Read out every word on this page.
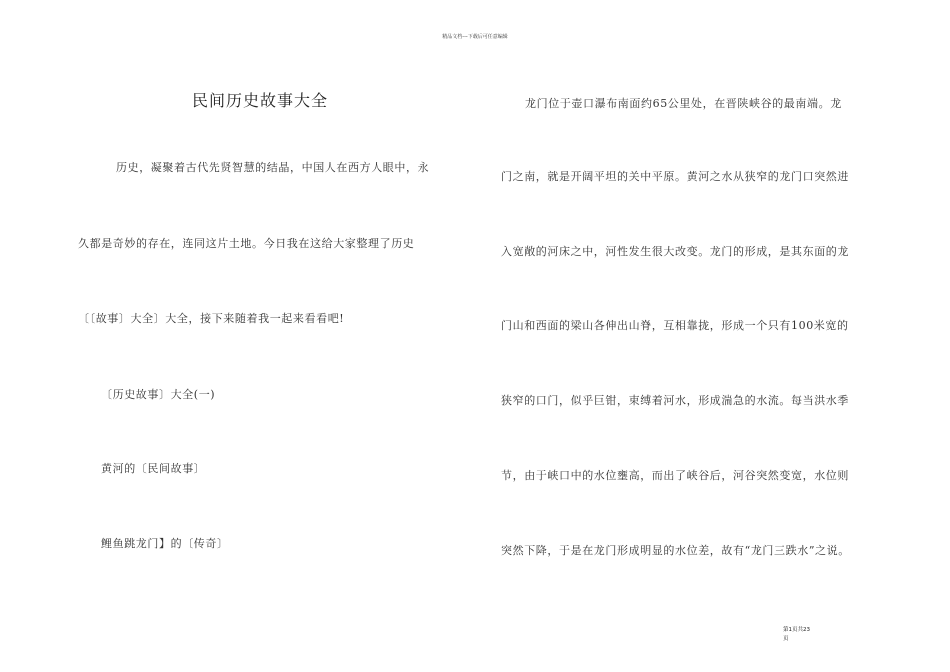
精品文档---下载后可任意编辑
民间历史故事大全
历史，凝聚着古代先贤智慧的结晶，中国人在西方人眼中，永
久都是奇妙的存在，连同这片土地。今日我在这给大家整理了历史
〔〔故事〕大全〕大全，接下来随着我一起来看看吧!
〔历史故事〕大全(一)
黄河的〔民间故事〕
鲤鱼跳龙门】的〔传奇〕
龙门位于壶口瀑布南面约65公里处，在晋陕峡谷的最南端。龙
门之南，就是开阔平坦的关中平原。黄河之水从狭窄的龙门口突然进
入宽敞的河床之中，河性发生很大改变。龙门的形成，是其东面的龙
门山和西面的梁山各伸出山脊，互相靠拢，形成一个只有100米宽的
狭窄的口门，似乎巨钳，束缚着河水，形成湍急的水流。每当洪水季
节，由于峡口中的水位壅高，而出了峡谷后，河谷突然变宽，水位则
突然下降，于是在龙门形成明显的水位差，故有“龙门三跌水”之说。
第1页共23
页
